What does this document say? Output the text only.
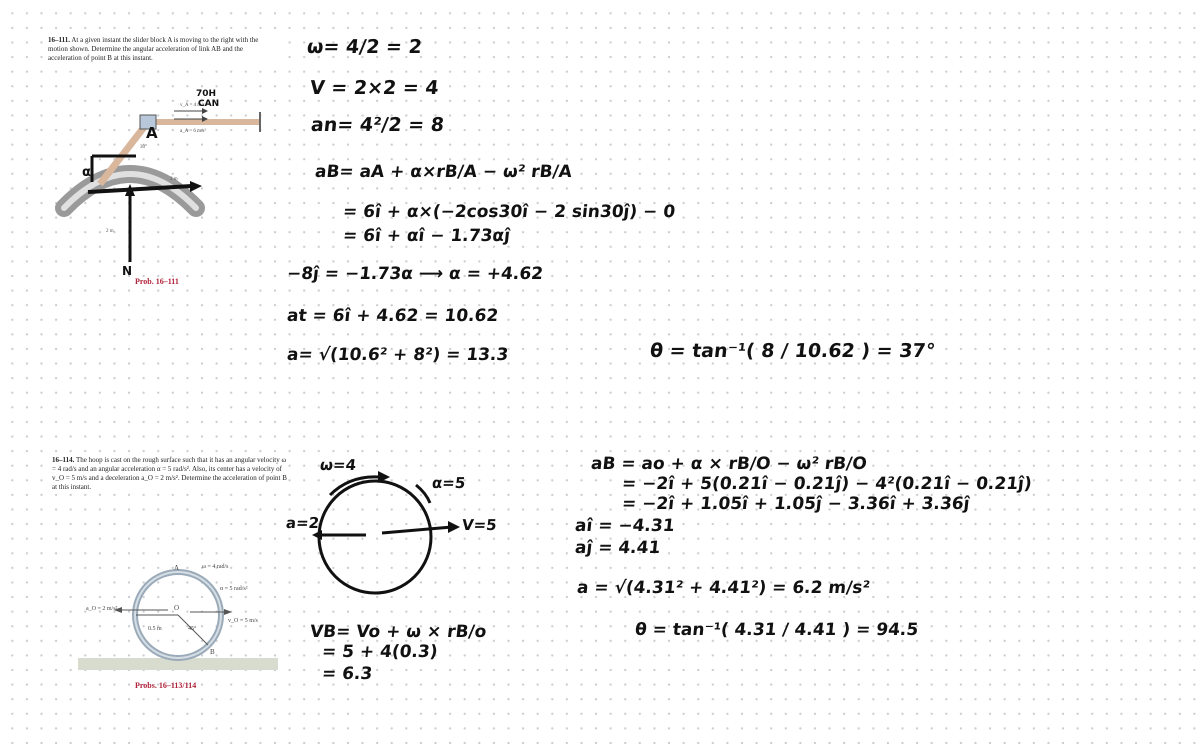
16–111. At a given instant the slider block A is moving to the right with the motion shown. Determine the angular acceleration of link AB and the acceleration of point B at this instant.
v_A = 4 m/s
a_A = 6 m/s²
30°
2 m
2 m
A
α
70H
CAN
N
Prob. 16–111
ω= 4/2 = 2
V = 2×2 = 4
an= 4²/2 = 8
aB= aA + α×rB/A − ω² rB/A
= 6î + α×(−2cos30î − 2 sin30ĵ) − 0
= 6î + αî − 1.73αĵ
−8ĵ = −1.73α ⟶ α = +4.62
at = 6î + 4.62 = 10.62
a= √(10.6² + 8²) = 13.3	θ = tan⁻¹( 8 / 10.62 ) = 37°
16–114. The hoop is cast on the rough surface such that it has an angular velocity ω = 4 rad/s and an angular acceleration α = 5 rad/s². Also, its center has a velocity of v_O = 5 m/s and a deceleration a_O = 2 m/s². Determine the acceleration of point B at this instant.
a_O = 2 m/s²
v_O = 5 m/s
ω = 4 rad/s
α = 5 rad/s²
0.5 m	45°
A
O
B
Probs. 16–113/114
ω=4
α=5
a=2	V=5
VB= Vo + ω × rB/o
= 5 + 4(0.3)
= 6.3
aB = ao + α × rB/O − ω² rB/O
= −2î + 5(0.21î − 0.21ĵ) − 4²(0.21î − 0.21ĵ)
= −2î + 1.05î + 1.05ĵ − 3.36î + 3.36ĵ
aî = −4.31
aĵ = 4.41
a = √(4.31² + 4.41²) = 6.2 m/s²
θ = tan⁻¹( 4.31 / 4.41 ) = 94.5
